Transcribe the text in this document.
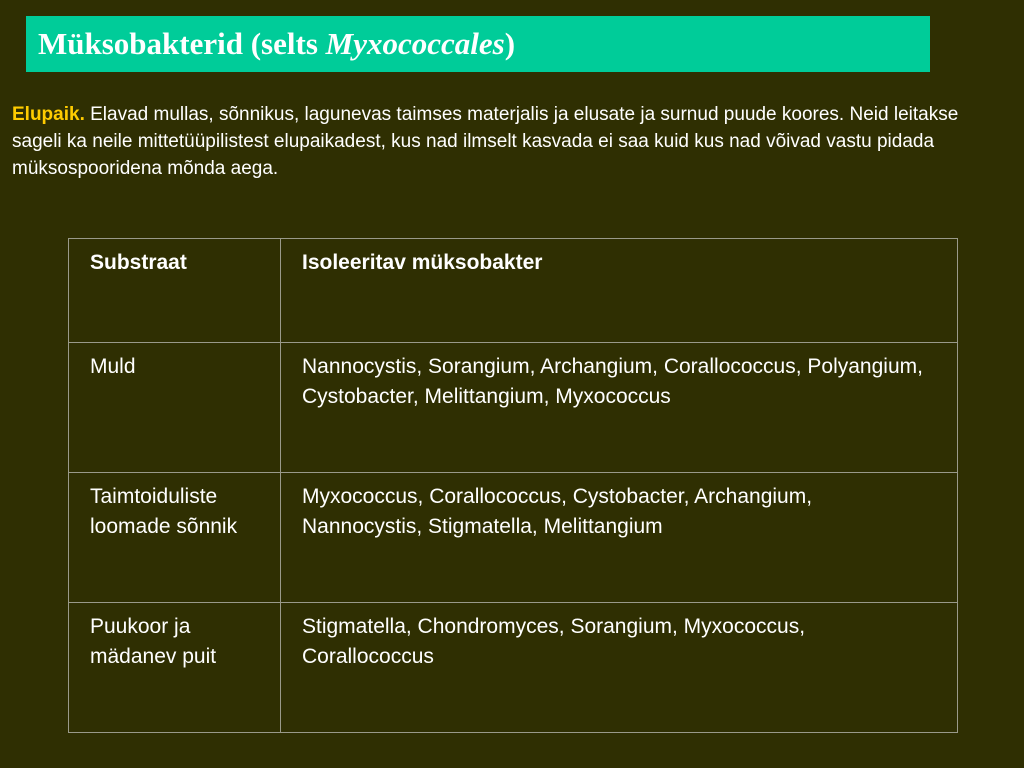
Müksobakterid (selts Myxococcales)
Elupaik. Elavad mullas, sõnnikus, lagunevas taimses materjalis ja elusate ja surnud puude koores. Neid leitakse sageli ka neile mittetüüpilistest elupaikadest, kus nad ilmselt kasvada ei saa kuid kus nad võivad vastu pidada müksospooridena mõnda aega.
Substraat	Isoleeritav müksobakter
Muld	Nannocystis, Sorangium, Archangium, Corallococcus, Polyangium, Cystobacter, Melittangium, Myxococcus
Taimtoiduliste loomade sõnnik	Myxococcus, Corallococcus, Cystobacter, Archangium, Nannocystis, Stigmatella, Melittangium
Puukoor ja mädanev puit	Stigmatella, Chondromyces, Sorangium, Myxococcus, Corallococcus
